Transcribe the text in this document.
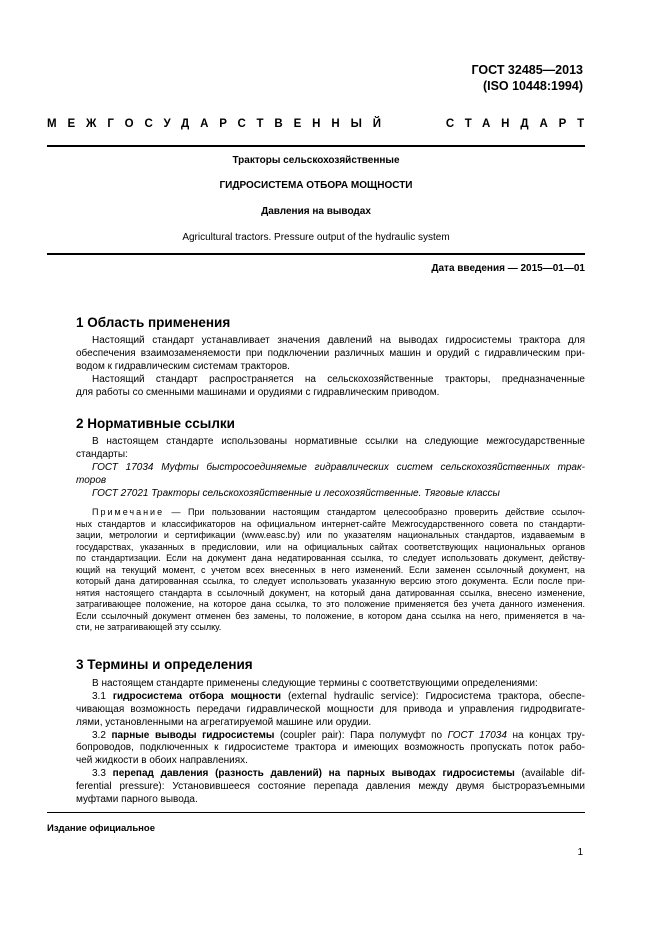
ГОСТ 32485—2013
(ISO 10448:1994)
МЕЖГОСУДАРСТВЕННЫЙ	СТАНДАРТ
Тракторы сельскохозяйственные
ГИДРОСИСТЕМА ОТБОРА МОЩНОСТИ
Давления на выводах
Agricultural tractors. Pressure output of the hydraulic system
Дата введения — 2015—01—01
1 Область применения
Настоящий стандарт устанавливает значения давлений на выводах гидросистемы трактора для
обеспечения взаимозаменяемости при подключении различных машин и орудий с гидравлическим при-
водом к гидравлическим системам тракторов.
Настоящий стандарт распространяется на сельскохозяйственные тракторы, предназначенные
для работы со сменными машинами и орудиями с гидравлическим приводом.
2 Нормативные ссылки
В настоящем стандарте использованы нормативные ссылки на следующие межгосударственные
стандарты:
ГОСТ 17034 Муфты быстросоединяемые гидравлических систем сельскохозяйственных трак-
торов
ГОСТ 27021 Тракторы сельскохозяйственные и лесохозяйственные. Тяговые классы
Примечание — При пользовании настоящим стандартом целесообразно проверить действие ссылоч-
ных стандартов и классификаторов на официальном интернет-сайте Межгосударственного совета по стандарти-
зации, метрологии и сертификации (www.easc.by) или по указателям национальных стандартов, издаваемым в
государствах, указанных в предисловии, или на официальных сайтах соответствующих национальных органов
по стандартизации. Если на документ дана недатированная ссылка, то следует использовать документ, действу-
ющий на текущий момент, с учетом всех внесенных в него изменений. Если заменен ссылочный документ, на
который дана датированная ссылка, то следует использовать указанную версию этого документа. Если после при-
нятия настоящего стандарта в ссылочный документ, на который дана датированная ссылка, внесено изменение,
затрагивающее положение, на которое дана ссылка, то это положение применяется без учета данного изменения.
Если ссылочный документ отменен без замены, то положение, в котором дана ссылка на него, применяется в ча-
сти, не затрагивающей эту ссылку.
3 Термины и определения
В настоящем стандарте применены следующие термины с соответствующими определениями:
3.1 гидросистема отбора мощности (external hydraulic service): Гидросистема трактора, обеспе-
чивающая возможность передачи гидравлической мощности для привода и управления гидродвигате-
лями, установленными на агрегатируемой машине или орудии.
3.2 парные выводы гидросистемы (coupler pair): Пара полумуфт по ГОСТ 17034 на концах тру-
бопроводов, подключенных к гидросистеме трактора и имеющих возможность пропускать поток рабо-
чей жидкости в обоих направлениях.
3.3 перепад давления (разность давлений) на парных выводах гидросистемы (available dif-
ferential pressure): Установившееся состояние перепада давления между двумя быстроразъемными
муфтами парного вывода.
Издание официальное
1
